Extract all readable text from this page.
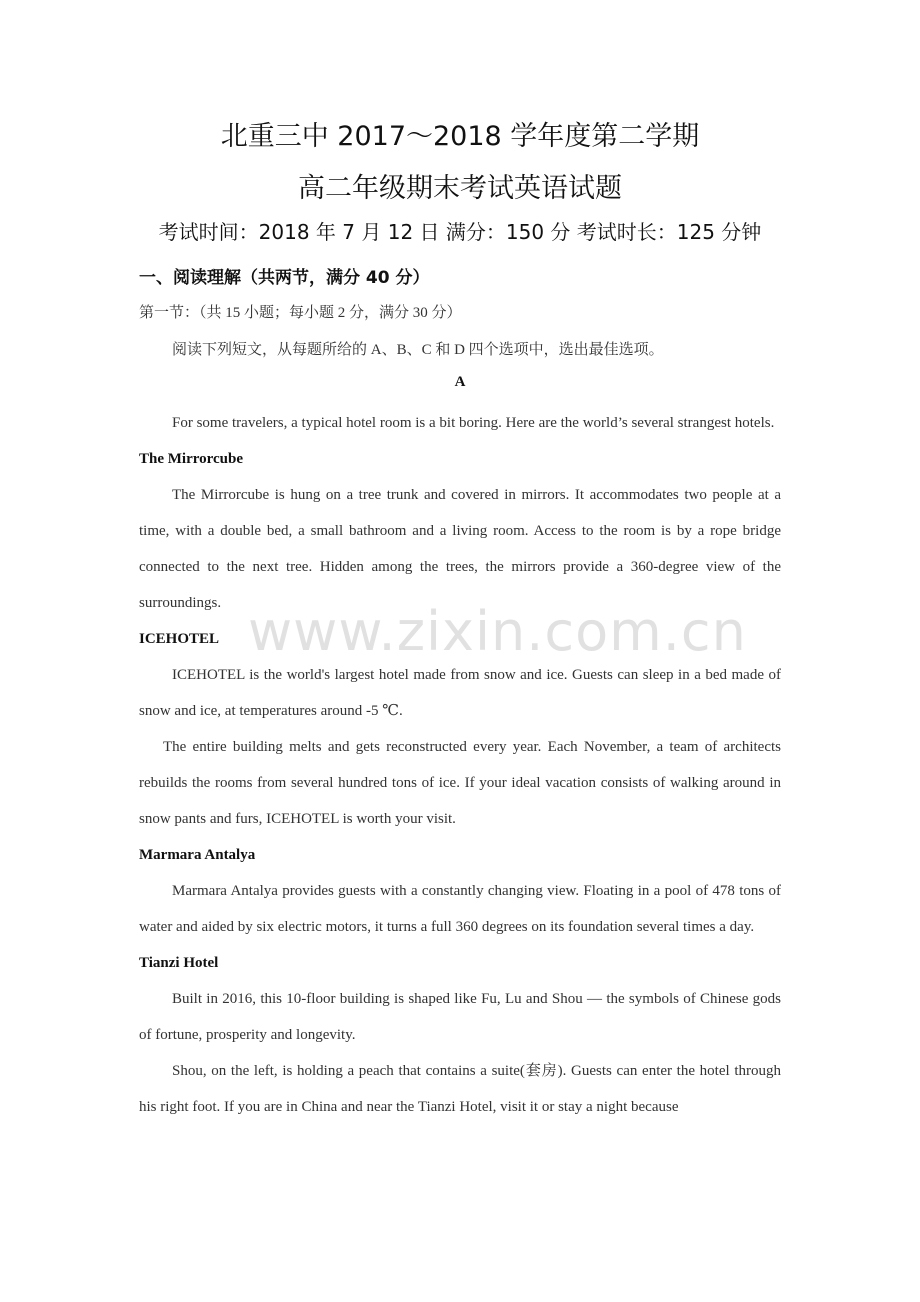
北重三中 2017～2018 学年度第二学期
高二年级期末考试英语试题
考试时间：2018 年 7 月 12 日 满分：150 分 考试时长：125 分钟
一、阅读理解（共两节，满分 40 分）
第一节：（共 15 小题；每小题 2 分，满分 30 分）
阅读下列短文，从每题所给的 A、B、C 和 D 四个选项中，选出最佳选项。
A

For some travelers, a typical hotel room is a bit boring. Here are the world’s several strangest hotels.

The Mirrorcube

The Mirrorcube is hung on a tree trunk and covered in mirrors. It accommodates two people at a time, with a double bed, a small bathroom and a living room. Access to the room is by a rope bridge connected to the next tree. Hidden among the trees, the mirrors provide a 360-degree view of the surroundings.

ICEHOTEL

ICEHOTEL is the world's largest hotel made from snow and ice. Guests can sleep in a bed made of snow and ice, at temperatures around -5 ℃.

The entire building melts and gets reconstructed every year. Each November, a team of architects rebuilds the rooms from several hundred tons of ice. If your ideal vacation consists of walking around in snow pants and furs, ICEHOTEL is worth your visit.

Marmara Antalya

Marmara Antalya provides guests with a constantly changing view. Floating in a pool of 478 tons of water and aided by six electric motors, it turns a full 360 degrees on its foundation several times a day.

Tianzi Hotel

Built in 2016, this 10-floor building is shaped like Fu, Lu and Shou — the symbols of Chinese gods of fortune, prosperity and longevity.

Shou, on the left, is holding a peach that contains a suite(套房). Guests can enter the hotel through his right foot. If you are in China and near the Tianzi Hotel, visit it or stay a night because

www.zixin.com.cn
